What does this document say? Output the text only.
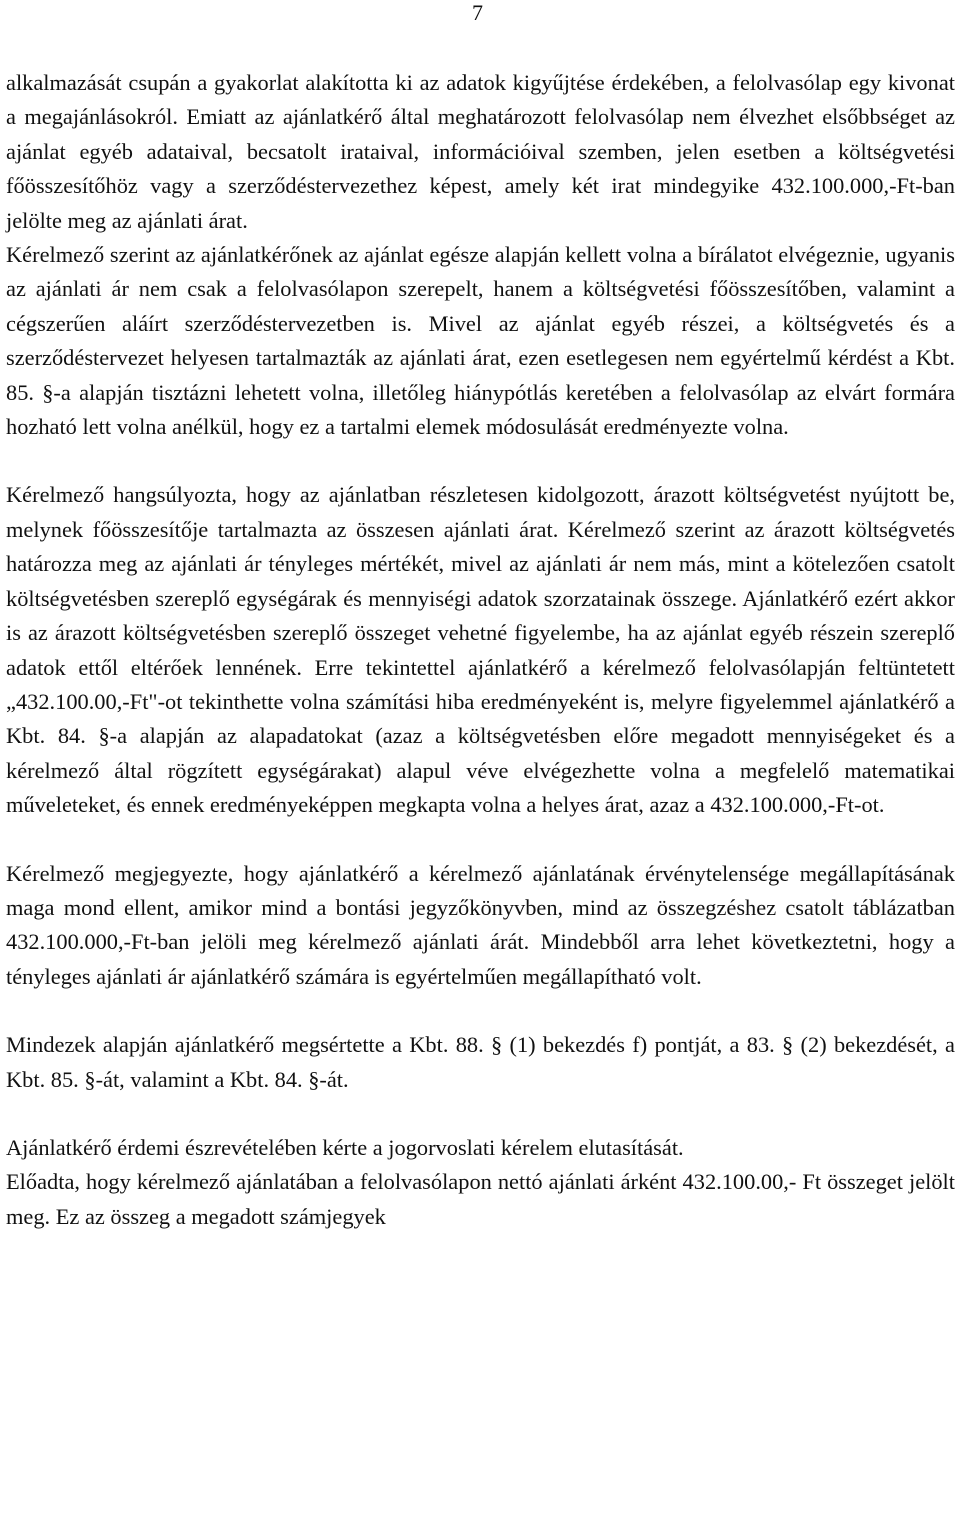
7

alkalmazását csupán a gyakorlat alakította ki az adatok kigyűjtése érdekében, a felolvasólap egy kivonat a megajánlásokról. Emiatt az ajánlatkérő által meghatározott felolvasólap nem élvezhet elsőbbséget az ajánlat egyéb adataival, becsatolt irataival, információival szemben, jelen esetben a költségvetési főösszesítőhöz vagy a szerződéstervezethez képest, amely két irat mindegyike 432.100.000,-Ft-ban jelölte meg az ajánlati árat.

Kérelmező szerint az ajánlatkérőnek az ajánlat egésze alapján kellett volna a bírálatot elvégeznie, ugyanis az ajánlati ár nem csak a felolvasólapon szerepelt, hanem a költségvetési főösszesítőben, valamint a cégszerűen aláírt szerződéstervezetben is. Mivel az ajánlat egyéb részei, a költségvetés és a szerződéstervezet helyesen tartalmazták az ajánlati árat, ezen esetlegesen nem egyértelmű kérdést a Kbt. 85. §-a alapján tisztázni lehetett volna, illetőleg hiánypótlás keretében a felolvasólap az elvárt formára hozható lett volna anélkül, hogy ez a tartalmi elemek módosulását eredményezte volna.

Kérelmező hangsúlyozta, hogy az ajánlatban részletesen kidolgozott, árazott költségvetést nyújtott be, melynek főösszesítője tartalmazta az összesen ajánlati árat. Kérelmező szerint az árazott költségvetés határozza meg az ajánlati ár tényleges mértékét, mivel az ajánlati ár nem más, mint a kötelezően csatolt költségvetésben szereplő egységárak és mennyiségi adatok szorzatainak összege. Ajánlatkérő ezért akkor is az árazott költségvetésben szereplő összeget vehetné figyelembe, ha az ajánlat egyéb részein szereplő adatok ettől eltérőek lennének. Erre tekintettel ajánlatkérő a kérelmező felolvasólapján feltüntetett „432.100.00,-Ft"-ot tekinthette volna számítási hiba eredményeként is, melyre figyelemmel ajánlatkérő a Kbt. 84. §-a alapján az alapadatokat (azaz a költségvetésben előre megadott mennyiségeket és a kérelmező által rögzített egységárakat) alapul véve elvégezhette volna a megfelelő matematikai műveleteket, és ennek eredményeképpen megkapta volna a helyes árat, azaz a 432.100.000,-Ft-ot.

Kérelmező megjegyezte, hogy ajánlatkérő a kérelmező ajánlatának érvénytelensége megállapításának maga mond ellent, amikor mind a bontási jegyzőkönyvben, mind az összegzéshez csatolt táblázatban 432.100.000,-Ft-ban jelöli meg kérelmező ajánlati árát. Mindebből arra lehet következtetni, hogy a tényleges ajánlati ár ajánlatkérő számára is egyértelműen megállapítható volt.

Mindezek alapján ajánlatkérő megsértette a Kbt. 88. § (1) bekezdés f) pontját, a 83. § (2) bekezdését, a Kbt. 85. §-át, valamint a Kbt. 84. §-át.

Ajánlatkérő érdemi észrevételében kérte a jogorvoslati kérelem elutasítását.

Előadta, hogy kérelmező ajánlatában a felolvasólapon nettó ajánlati árként 432.100.00,- Ft összeget jelölt meg. Ez az összeg a megadott számjegyek
